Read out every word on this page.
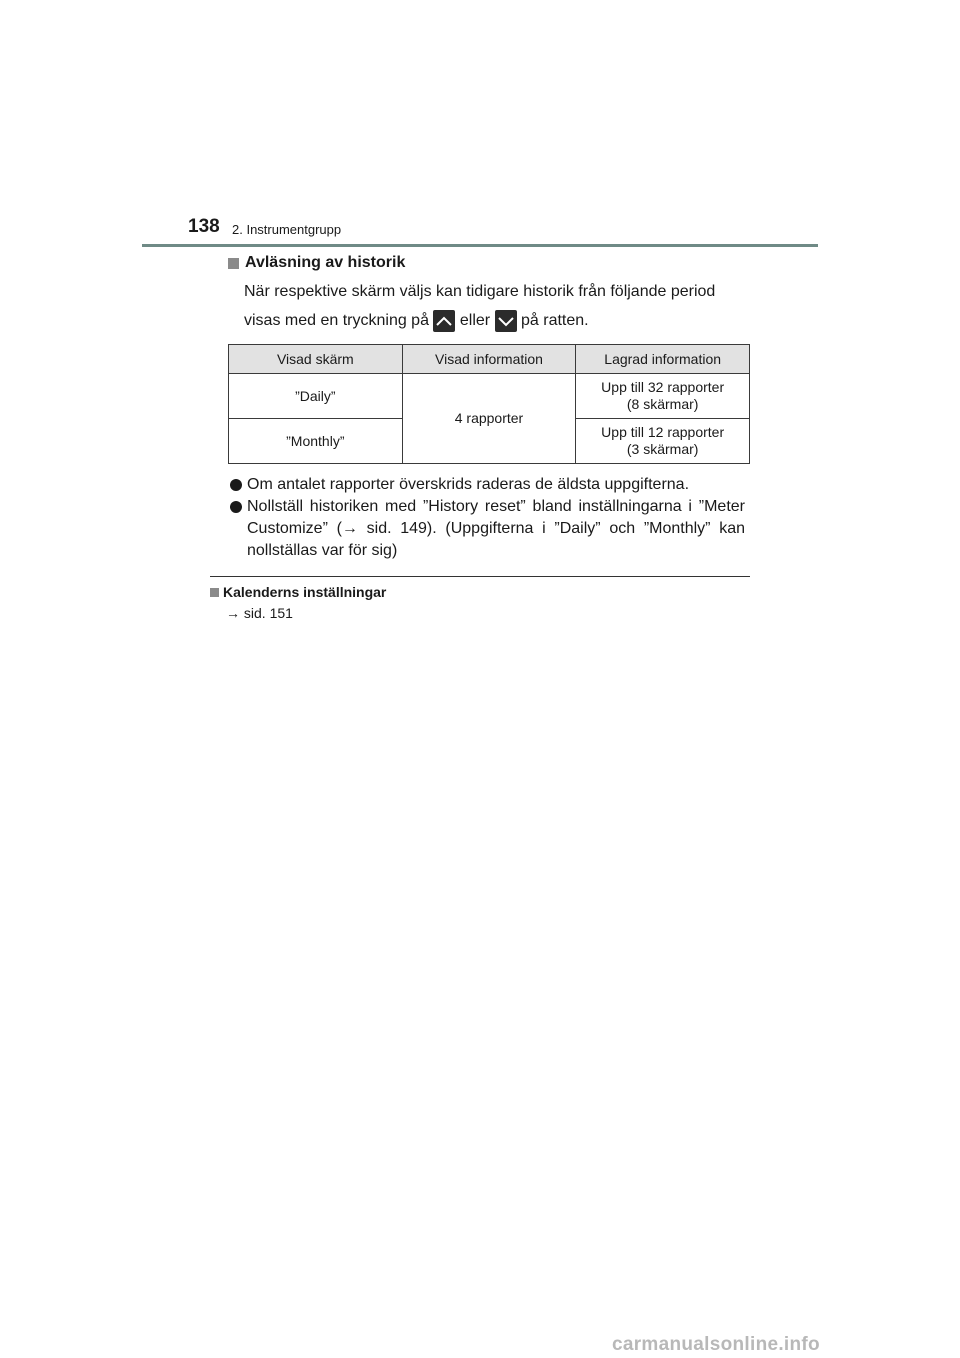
138 2. Instrumentgrupp
Avläsning av historik
När respektive skärm väljs kan tidigare historik från följande period
visas med en tryckning på

eller

på ratten.
Visad skärm	Visad information	Lagrad information
”Daily”	4 rapporter	Upp till 32 rapporter
(8 skärmar)
”Monthly”		Upp till 12 rapporter
(3 skärmar)
Om antalet rapporter överskrids raderas de äldsta uppgifterna.
Nollställ historiken med ”History reset” bland inställningarna i ”Meter Customize” (→ sid. 149). (Uppgifterna i ”Daily” och ”Monthly” kan nollställas var för sig)
Kalenderns inställningar
→ sid. 151
carmanualsonline.info
